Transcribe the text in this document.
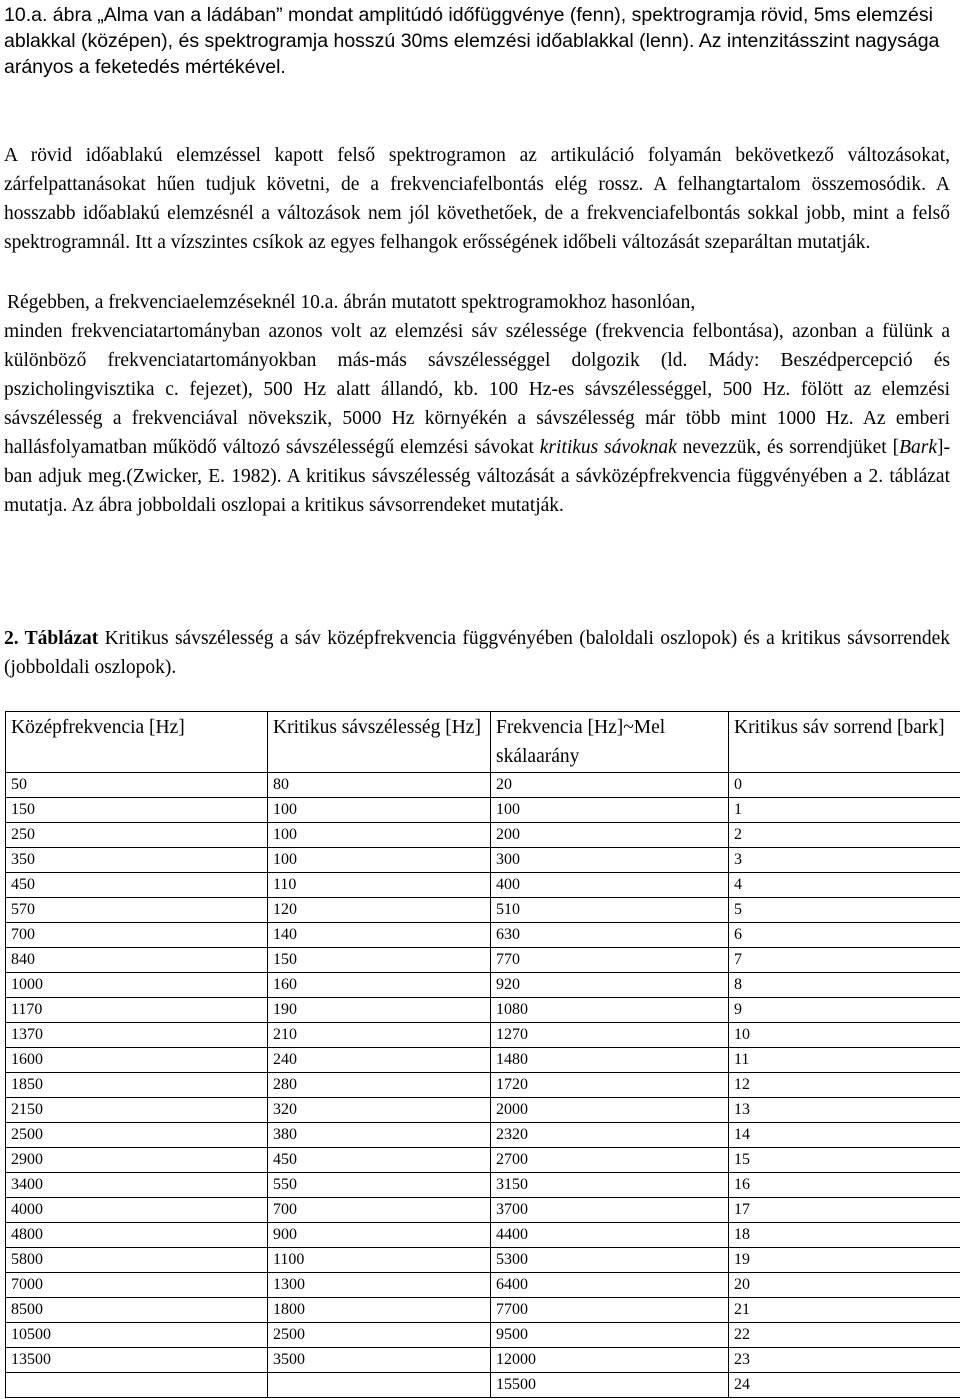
10.a. ábra „Alma van a ládában” mondat amplitúdó időfüggvénye (fenn), spektrogramja rövid, 5ms elemzési ablakkal (középen), és spektrogramja hosszú 30ms elemzési időablakkal (lenn). Az intenzitásszint nagysága arányos a feketedés mértékével.

A rövid időablakú elemzéssel kapott felső spektrogramon az artikuláció folyamán bekövetkező változásokat, zárfelpattanásokat hűen tudjuk követni, de a frekvenciafelbontás elég rossz. A felhangtartalom összemosódik. A hosszabb időablakú elemzésnél a változások nem jól követhetőek, de a frekvenciafelbontás sokkal jobb, mint a felső spektrogramnál. Itt a vízszintes csíkok az egyes felhangok erősségének időbeli változását szeparáltan mutatják.

Régebben, a frekvenciaelemzéseknél 10.a. ábrán mutatott spektrogramokhoz hasonlóan,
minden frekvenciatartományban azonos volt az elemzési sáv szélessége (frekvencia felbontása), azonban a fülünk a különböző frekvenciatartományokban más-más sávszélességgel dolgozik (ld. Mády: Beszédpercepció és pszicholingvisztika c. fejezet), 500 Hz alatt állandó, kb. 100 Hz-es sávszélességgel, 500 Hz. fölött az elemzési sávszélesség a frekvenciával növekszik, 5000 Hz környékén a sávszélesség már több mint 1000 Hz. Az emberi hallásfolyamatban működő változó sávszélességű elemzési sávokat kritikus sávoknak nevezzük, és sorrendjüket [Bark]-ban adjuk meg.(Zwicker, E. 1982). A kritikus sávszélesség változását a sávközépfrekvencia függvényében a 2. táblázat mutatja. Az ábra jobboldali oszlopai a kritikus sávsorrendeket mutatják.

2. Táblázat Kritikus sávszélesség a sáv középfrekvencia függvényében (baloldali oszlopok) és a kritikus sávsorrendek (jobboldali oszlopok).
Középfrekvencia [Hz]	Kritikus sávszélesség [Hz]	Frekvencia [Hz]~Mel skálaarány	Kritikus sáv sorrend [bark]
50	80	20	0
150	100	100	1
250	100	200	2
350	100	300	3
450	110	400	4
570	120	510	5
700	140	630	6
840	150	770	7
1000	160	920	8
1170	190	1080	9
1370	210	1270	10
1600	240	1480	11
1850	280	1720	12
2150	320	2000	13
2500	380	2320	14
2900	450	2700	15
3400	550	3150	16
4000	700	3700	17
4800	900	4400	18
5800	1100	5300	19
7000	1300	6400	20
8500	1800	7700	21
10500	2500	9500	22
13500	3500	12000	23
		15500	24
